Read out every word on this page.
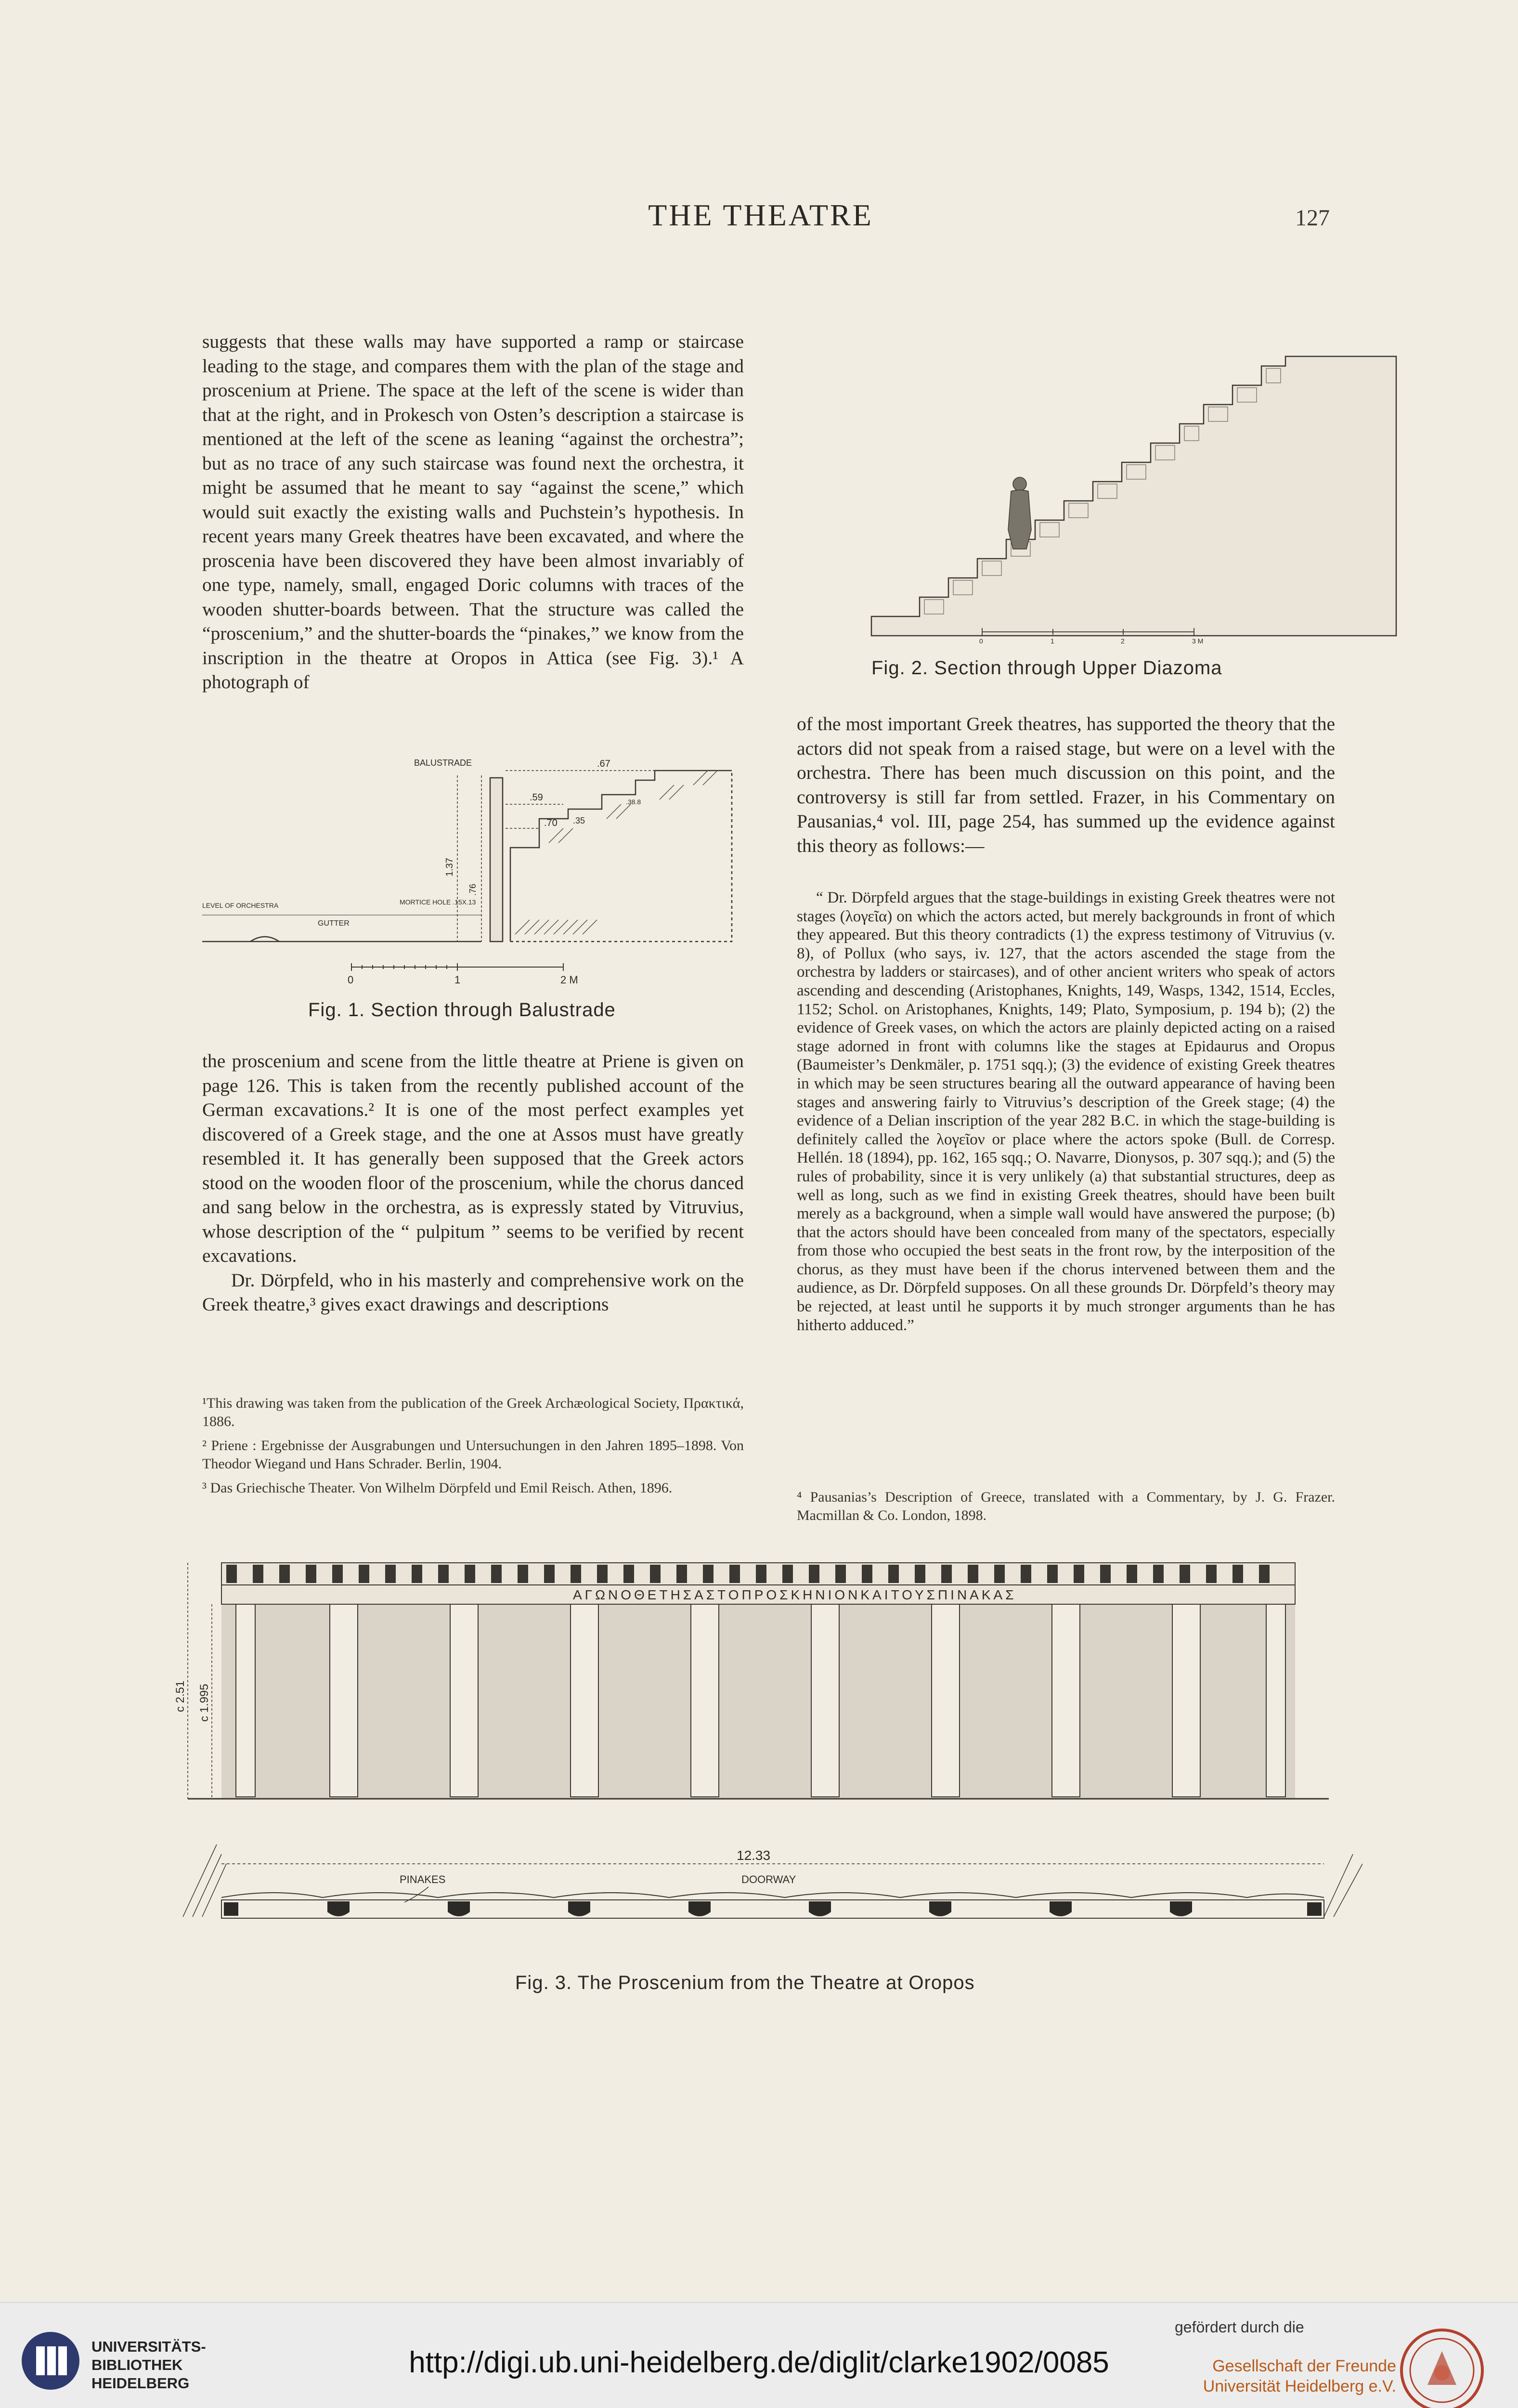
THE THEATRE	127

suggests that these walls may have supported a ramp or staircase leading to the stage, and compares them with the plan of the stage and proscenium at Priene. The space at the left of the scene is wider than that at the right, and in Prokesch von Osten’s description a staircase is mentioned at the left of the scene as leaning “against the orchestra”; but as no trace of any such staircase was found next the orchestra, it might be assumed that he meant to say “against the scene,” which would suit exactly the existing walls and Puchstein’s hypothesis. In recent years many Greek theatres have been excavated, and where the proscenia have been discovered they have been almost invariably of one type, namely, small, engaged Doric columns with traces of the wooden shutter-boards between. That the structure was called the “proscenium,” and the shutter-boards the “pinakes,” we know from the inscription in the theatre at Oropos in Attica (see Fig. 3).¹ A photograph of

BALUSTRADE	.67
.59
.70 .35
.38.8
1.37
.76
LEVEL OF ORCHESTRA
GUTTER
MORTICE HOLE .15X.13
0	1	2 M
Fig. 1. Section through Balustrade

the proscenium and scene from the little theatre at Priene is given on page 126. This is taken from the recently published account of the German excavations.² It is one of the most perfect examples yet discovered of a Greek stage, and the one at Assos must have greatly resembled it. It has generally been supposed that the Greek actors stood on the wooden floor of the proscenium, while the chorus danced and sang below in the orchestra, as is expressly stated by Vitruvius, whose description of the “ pulpitum ” seems to be verified by recent excavations.

Dr. Dörpfeld, who in his masterly and comprehensive work on the Greek theatre,³ gives exact drawings and descriptions

¹This drawing was taken from the publication of the Greek Archæological Society, Πρακτικά, 1886.

² Priene : Ergebnisse der Ausgrabungen und Untersuchungen in den Jahren 1895–1898. Von Theodor Wiegand und Hans Schrader. Berlin, 1904.

³ Das Griechische Theater. Von Wilhelm Dörpfeld und Emil Reisch. Athen, 1896.

0	1	2	3 M
Fig. 2. Section through Upper Diazoma

of the most important Greek theatres, has supported the theory that the actors did not speak from a raised stage, but were on a level with the orchestra. There has been much discussion on this point, and the controversy is still far from settled. Frazer, in his Commentary on Pausanias,⁴ vol. III, page 254, has summed up the evidence against this theory as follows:—

“ Dr. Dörpfeld argues that the stage-buildings in existing Greek theatres were not stages (λογεῖα) on which the actors acted, but merely backgrounds in front of which they appeared. But this theory contradicts (1) the express testimony of Vitruvius (v. 8), of Pollux (who says, iv. 127, that the actors ascended the stage from the orchestra by ladders or staircases), and of other ancient writers who speak of actors ascending and descending (Aristophanes, Knights, 149, Wasps, 1342, 1514, Eccles, 1152; Schol. on Aristophanes, Knights, 149; Plato, Symposium, p. 194 b); (2) the evidence of Greek vases, on which the actors are plainly depicted acting on a raised stage adorned in front with columns like the stages at Epidaurus and Oropus (Baumeister’s Denkmäler, p. 1751 sqq.); (3) the evidence of existing Greek theatres in which may be seen structures bearing all the outward appearance of having been stages and answering fairly to Vitruvius’s description of the Greek stage; (4) the evidence of a Delian inscription of the year 282 B.C. in which the stage-building is definitely called the λογεῖον or place where the actors spoke (Bull. de Corresp. Hellén. 18 (1894), pp. 162, 165 sqq.; O. Navarre, Dionysos, p. 307 sqq.); and (5) the rules of probability, since it is very unlikely (a) that substantial structures, deep as well as long, such as we find in existing Greek theatres, should have been built merely as a background, when a simple wall would have answered the purpose; (b) that the actors should have been concealed from many of the spectators, especially from those who occupied the best seats in the front row, by the interposition of the chorus, as they must have been if the chorus intervened between them and the audience, as Dr. Dörpfeld supposes. On all these grounds Dr. Dörpfeld’s theory may be rejected, at least until he supports it by much stronger arguments than he has hitherto adduced.”

⁴ Pausanias’s Description of Greece, translated with a Commentary, by J. G. Frazer. Macmillan & Co. London, 1898.

ΑΓΩΝΟΘΕΤΗΣΑΣΤΟΠΡΟΣΚΗΝΙΟΝΚΑΙΤΟΥΣΠΙΝΑΚΑΣ
c 2.51 c 1.995
12.33
PINAKES	DOORWAY
Fig. 3. The Proscenium from the Theatre at Oropos
UNIVERSITÄTS-
BIBLIOTHEK
HEIDELBERG
http://digi.ub.uni-heidelberg.de/diglit/clarke1902/0085
gefördert durch die
Gesellschaft der Freunde
Universität Heidelberg e.V.
